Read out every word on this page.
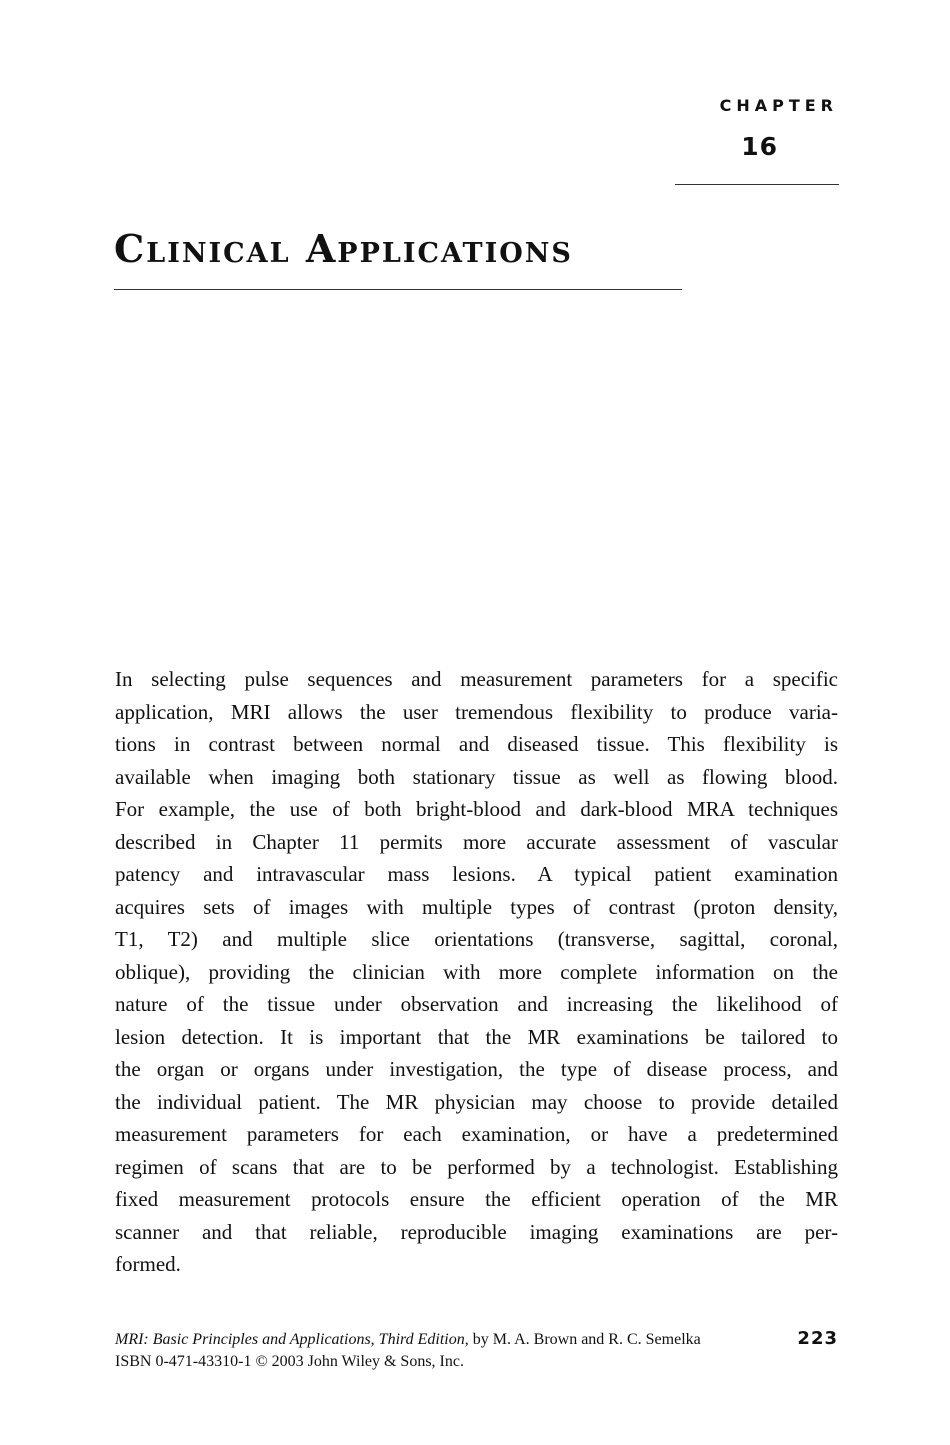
CHAPTER
16
Clinical Applications
In selecting pulse sequences and measurement parameters for a specific
application, MRI allows the user tremendous flexibility to produce varia-
tions in contrast between normal and diseased tissue. This flexibility is
available when imaging both stationary tissue as well as flowing blood.
For example, the use of both bright-blood and dark-blood MRA techniques
described in Chapter 11 permits more accurate assessment of vascular
patency and intravascular mass lesions. A typical patient examination
acquires sets of images with multiple types of contrast (proton density,
T1, T2) and multiple slice orientations (transverse, sagittal, coronal,
oblique), providing the clinician with more complete information on the
nature of the tissue under observation and increasing the likelihood of
lesion detection. It is important that the MR examinations be tailored to
the organ or organs under investigation, the type of disease process, and
the individual patient. The MR physician may choose to provide detailed
measurement parameters for each examination, or have a predetermined
regimen of scans that are to be performed by a technologist. Establishing
fixed measurement protocols ensure the efficient operation of the MR
scanner and that reliable, reproducible imaging examinations are per-
formed.
MRI: Basic Principles and Applications, Third Edition, by M. A. Brown and R. C. Semelka	223
ISBN 0-471-43310-1 © 2003 John Wiley & Sons, Inc.
